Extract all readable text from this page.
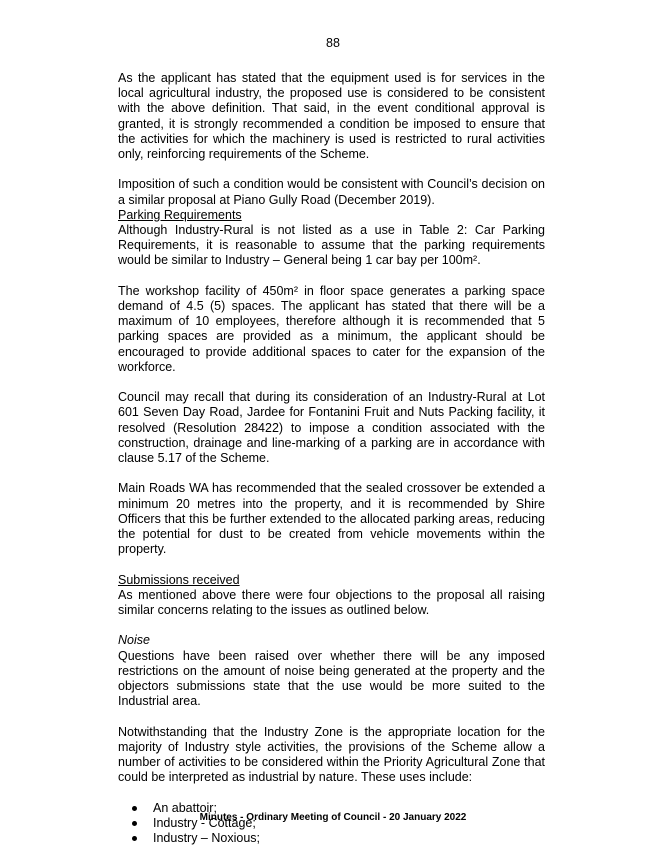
88

As the applicant has stated that the equipment used is for services in the local agricultural industry, the proposed use is considered to be consistent with the above definition. That said, in the event conditional approval is granted, it is strongly recommended a condition be imposed to ensure that the activities for which the machinery is used is restricted to rural activities only, reinforcing requirements of the Scheme.

Imposition of such a condition would be consistent with Council’s decision on a similar proposal at Piano Gully Road (December 2019).
Parking Requirements
Although Industry-Rural is not listed as a use in Table 2: Car Parking Requirements, it is reasonable to assume that the parking requirements would be similar to Industry – General being 1 car bay per 100m².

The workshop facility of 450m² in floor space generates a parking space demand of 4.5 (5) spaces. The applicant has stated that there will be a maximum of 10 employees, therefore although it is recommended that 5 parking spaces are provided as a minimum, the applicant should be encouraged to provide additional spaces to cater for the expansion of the workforce.

Council may recall that during its consideration of an Industry-Rural at Lot 601 Seven Day Road, Jardee for Fontanini Fruit and Nuts Packing facility, it resolved (Resolution 28422) to impose a condition associated with the construction, drainage and line-marking of a parking are in accordance with clause 5.17 of the Scheme.

Main Roads WA has recommended that the sealed crossover be extended a minimum 20 metres into the property, and it is recommended by Shire Officers that this be further extended to the allocated parking areas, reducing the potential for dust to be created from vehicle movements within the property.

Submissions received
As mentioned above there were four objections to the proposal all raising similar concerns relating to the issues as outlined below.

Noise
Questions have been raised over whether there will be any imposed restrictions on the amount of noise being generated at the property and the objectors submissions state that the use would be more suited to the Industrial area.

Notwithstanding that the Industry Zone is the appropriate location for the majority of Industry style activities, the provisions of the Scheme allow a number of activities to be considered within the Priority Agricultural Zone that could be interpreted as industrial by nature. These uses include:

An abattoir;
Industry - Cottage;
Industry – Noxious;
Minutes - Ordinary Meeting of Council - 20 January 2022
